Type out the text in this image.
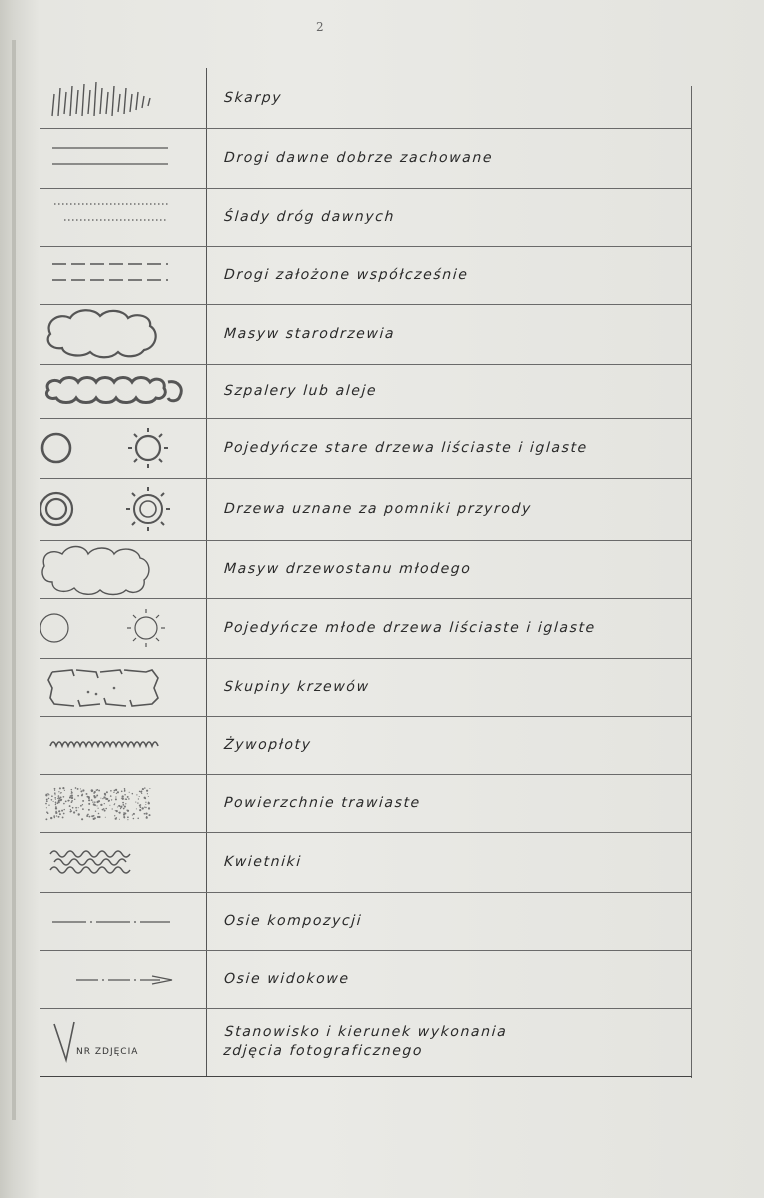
2
Skarpy
Drogi dawne dobrze zachowane
Ślady dróg dawnych
Drogi założone współcześnie
Masyw starodrzewia
Szpalery lub aleje
Pojedyńcze stare drzewa liściaste i iglaste
Drzewa uznane za pomniki przyrody
Masyw drzewostanu młodego
Pojedyńcze młode drzewa liściaste i iglaste
Skupiny krzewów
Żywopłoty
Powierzchnie trawiaste
Kwietniki
Osie kompozycji
Osie widokowe
NR ZDJĘCIA
Stanowisko i kierunek wykonania
zdjęcia fotograficznego
